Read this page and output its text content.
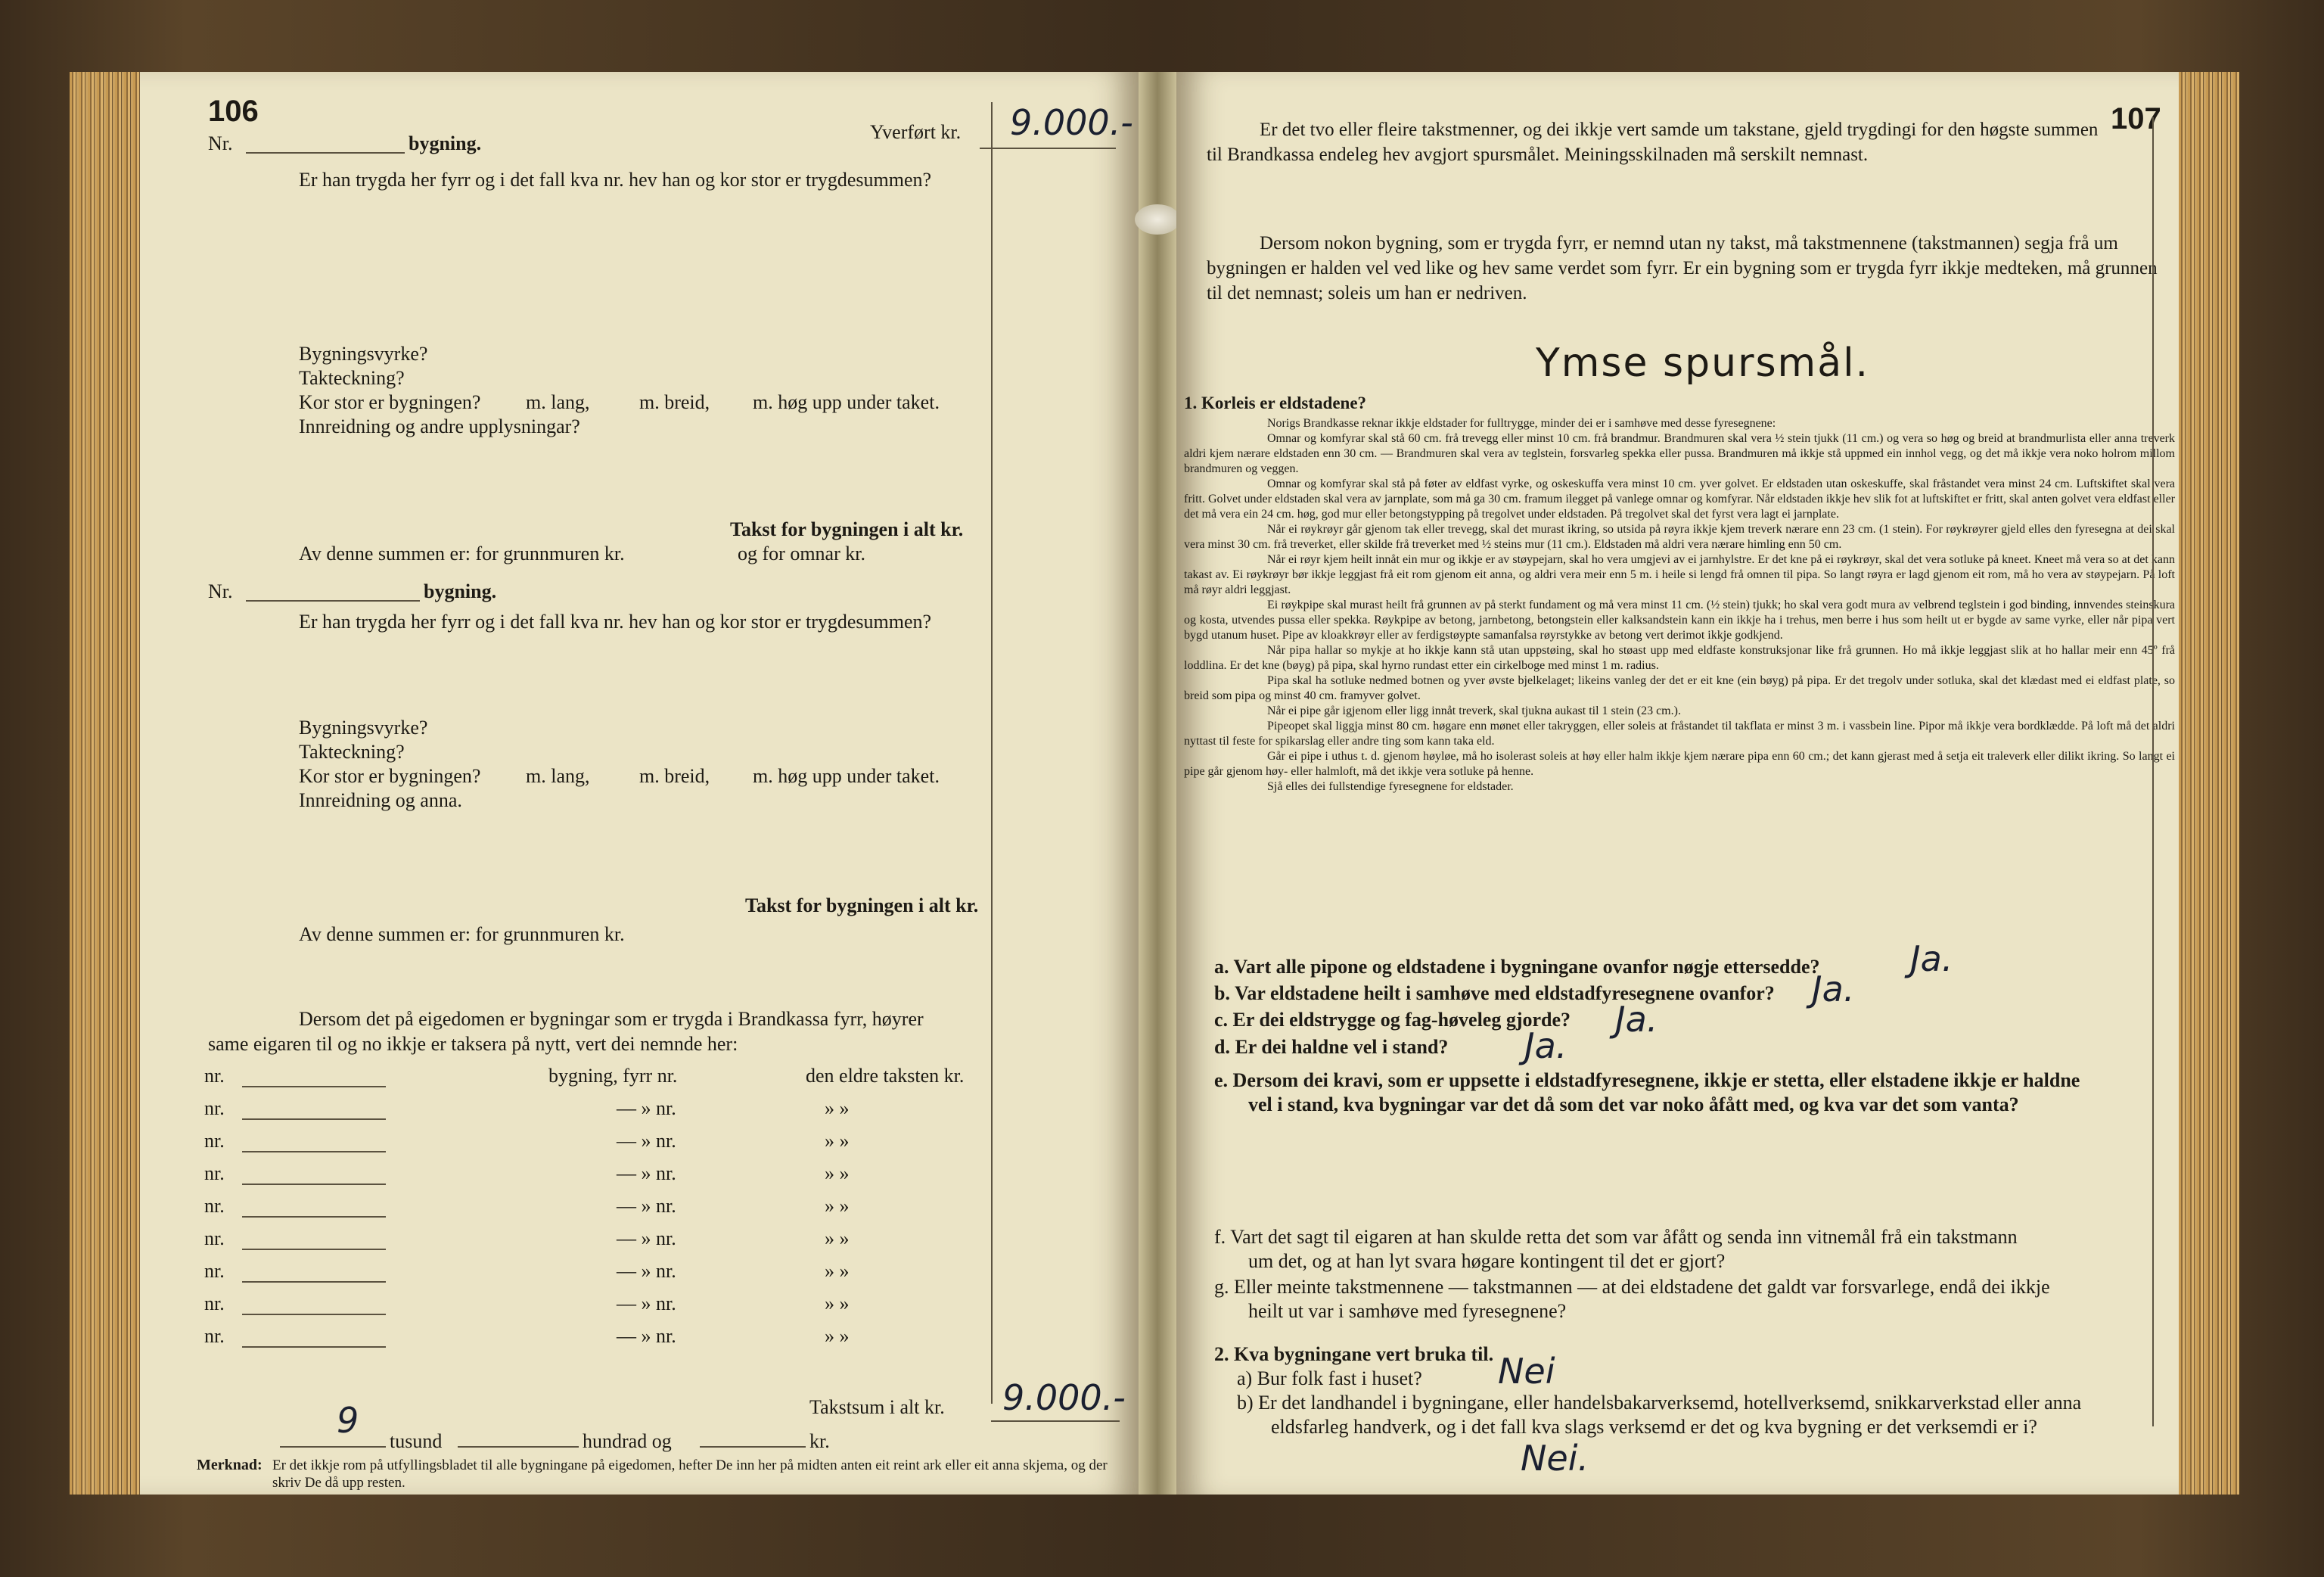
106
Nr.	bygning.
Yverført kr. 9.000.-
Er han trygda her fyrr og i det fall kva nr. hev han og kor stor er trygdesummen?
Bygningsvyrke?
Takteckning?
Kor stor er bygningen? m. lang,	m. breid, m. høg upp under taket.
Innreidning og andre upplysningar?
Takst for bygningen i alt kr.
Av denne summen er: for grunnmuren kr.	og for omnar kr.
Nr.	bygning.
Er han trygda her fyrr og i det fall kva nr. hev han og kor stor er trygdesummen?
Bygningsvyrke?
Takteckning?
Kor stor er bygningen? m. lang,	m. breid, m. høg upp under taket.
Innreidning og anna.
Takst for bygningen i alt kr.
Av denne summen er: for grunnmuren kr.
Dersom det på eigedomen er bygningar som er trygda i Brandkassa fyrr, høyrer
same eigaren til og no ikkje er taksera på nytt, vert dei nemnde her:
Takstsum i alt kr. 9.000.-
9
tusund	hundrad og	kr.
Merknad: Er det ikkje rom på utfyllingsbladet til alle bygningane på eigedomen, hefter De inn her på midten anten eit reint ark eller eit anna skjema, og der skriv De då upp resten.
nr.	bygning, fyrr nr.	den eldre taksten kr.
nr.	— » nr.	» »
nr.	— » nr.	» »
nr.	— » nr.	» »
nr.	— » nr.	» »
nr.	— » nr.	» »
nr.	— » nr.	» »
nr.	— » nr.	» »
nr.	— » nr.	» »
107
Er det tvo eller fleire takstmenner, og dei ikkje vert samde um takstane, gjeld trygdingi for den høgste summen til Brandkassa endeleg hev avgjort spursmålet. Meiningsskilnaden må serskilt nemnast.
Dersom nokon bygning, som er trygda fyrr, er nemnd utan ny takst, må takstmennene (takstmannen) segja frå um bygningen er halden vel ved like og hev same verdet som fyrr. Er ein bygning som er trygda fyrr ikkje medteken, må grunnen til det nemnast; soleis um han er nedriven.
Ymse spursmål.
1. Korleis er eldstadene?
Norigs Brandkasse reknar ikkje eldstader for fulltrygge, minder dei er i samhøve med desse fyresegnene:
Omnar og komfyrar skal stå 60 cm. frå trevegg eller minst 10 cm. frå brandmur. Brandmuren skal vera ½ stein tjukk (11 cm.) og vera so høg og breid at brandmurlista eller anna treverk aldri kjem nærare eldstaden enn 30 cm. — Brandmuren skal vera av teglstein, forsvarleg spekka eller pussa. Brandmuren må ikkje stå uppmed ein innhol vegg, og det må ikkje vera noko holrom millom brandmuren og veggen.
Omnar og komfyrar skal stå på føter av eldfast vyrke, og oskeskuffa vera minst 10 cm. yver golvet. Er eldstaden utan oskeskuffe, skal fråstandet vera minst 24 cm. Luftskiftet skal vera fritt. Golvet under eldstaden skal vera av jarnplate, som må ga 30 cm. framum ilegget på vanlege omnar og komfyrar. Når eldstaden ikkje hev slik fot at luftskiftet er fritt, skal anten golvet vera eldfast eller det må vera ein 24 cm. høg, god mur eller betongstypping på tregolvet under eldstaden. På tregolvet skal det fyrst vera lagt ei jarnplate.
Når ei røykrøyr går gjenom tak eller trevegg, skal det murast ikring, so utsida på røyra ikkje kjem treverk nærare enn 23 cm. (1 stein). For røykrøyrer gjeld elles den fyresegna at dei skal vera minst 30 cm. frå treverket, eller skilde frå treverket med ½ steins mur (11 cm.). Eldstaden må aldri vera nærare himling enn 50 cm.
Når ei røyr kjem heilt innåt ein mur og ikkje er av støypejarn, skal ho vera umgjevi av ei jarnhylstre. Er det kne på ei røykrøyr, skal det vera sotluke på kneet. Kneet må vera so at det kann takast av. Ei røykrøyr bør ikkje leggjast frå eit rom gjenom eit anna, og aldri vera meir enn 5 m. i heile si lengd frå omnen til pipa. So langt røyra er lagd gjenom eit rom, må ho vera av støypejarn. På loft må røyr aldri leggjast.
Ei røykpipe skal murast heilt frå grunnen av på sterkt fundament og må vera minst 11 cm. (½ stein) tjukk; ho skal vera godt mura av velbrend teglstein i god binding, innvendes steinskura og kosta, utvendes pussa eller spekka. Røykpipe av betong, jarnbetong, betongstein eller kalksandstein kann ein ikkje ha i trehus, men berre i hus som heilt ut er bygde av same vyrke, eller når pipa vert bygd utanum huset. Pipe av kloakkrøyr eller av ferdigstøypte samanfalsa røyrstykke av betong vert derimot ikkje godkjend.
Når pipa hallar so mykje at ho ikkje kann stå utan uppstøing, skal ho støast upp med eldfaste konstruksjonar like frå grunnen. Ho må ikkje leggjast slik at ho hallar meir enn 45º frå loddlina. Er det kne (bøyg) på pipa, skal hyrno rundast etter ein cirkelboge med minst 1 m. radius.
Pipa skal ha sotluke nedmed botnen og yver øvste bjelkelaget; likeins vanleg der det er eit kne (ein bøyg) på pipa. Er det tregolv under sotluka, skal det klædast med ei eldfast plate, so breid som pipa og minst 40 cm. framyver golvet.
Når ei pipe går igjenom eller ligg innåt treverk, skal tjukna aukast til 1 stein (23 cm.).
Pipeopet skal liggja minst 80 cm. høgare enn mønet eller takryggen, eller soleis at fråstandet til takflata er minst 3 m. i vassbein line. Pipor må ikkje vera bordklædde. På loft må det aldri nyttast til feste for spikarslag eller andre ting som kann taka eld.
Går ei pipe i uthus t. d. gjenom høyløe, må ho isolerast soleis at høy eller halm ikkje kjem nærare pipa enn 60 cm.; det kann gjerast med å setja eit traleverk eller dilikt ikring. So langt ei pipe går gjenom høy- eller halmloft, må det ikkje vera sotluke på henne.
Sjå elles dei fullstendige fyresegnene for eldstader.
a. Vart alle pipone og eldstadene i bygningane ovanfor nøgje ettersedde?	Ja.
b. Var eldstadene heilt i samhøve med eldstadfyresegnene ovanfor? Ja.
c. Er dei eldstrygge og fag-høveleg gjorde? Ja.
d. Er dei haldne vel i stand? Ja.
e. Dersom dei kravi, som er uppsette i eldstadfyresegnene, ikkje er stetta, eller elstadene ikkje er haldne
vel i stand, kva bygningar var det då som det var noko åfått med, og kva var det som vanta?
f. Vart det sagt til eigaren at han skulde retta det som var åfått og senda inn vitnemål frå ein takstmann
um det, og at han lyt svara høgare kontingent til det er gjort?
g. Eller meinte takstmennene — takstmannen — at dei eldstadene det galdt var forsvarlege, endå dei ikkje
heilt ut var i samhøve med fyresegnene?
2. Kva bygningane vert bruka til.
a) Bur folk fast i huset? Nei
b) Er det landhandel i bygningane, eller handelsbakarverksemd, hotellverksemd, snikkarverkstad eller anna
eldsfarleg handverk, og i det fall kva slags verksemd er det og kva bygning er det verksemdi er i?
Nei.
